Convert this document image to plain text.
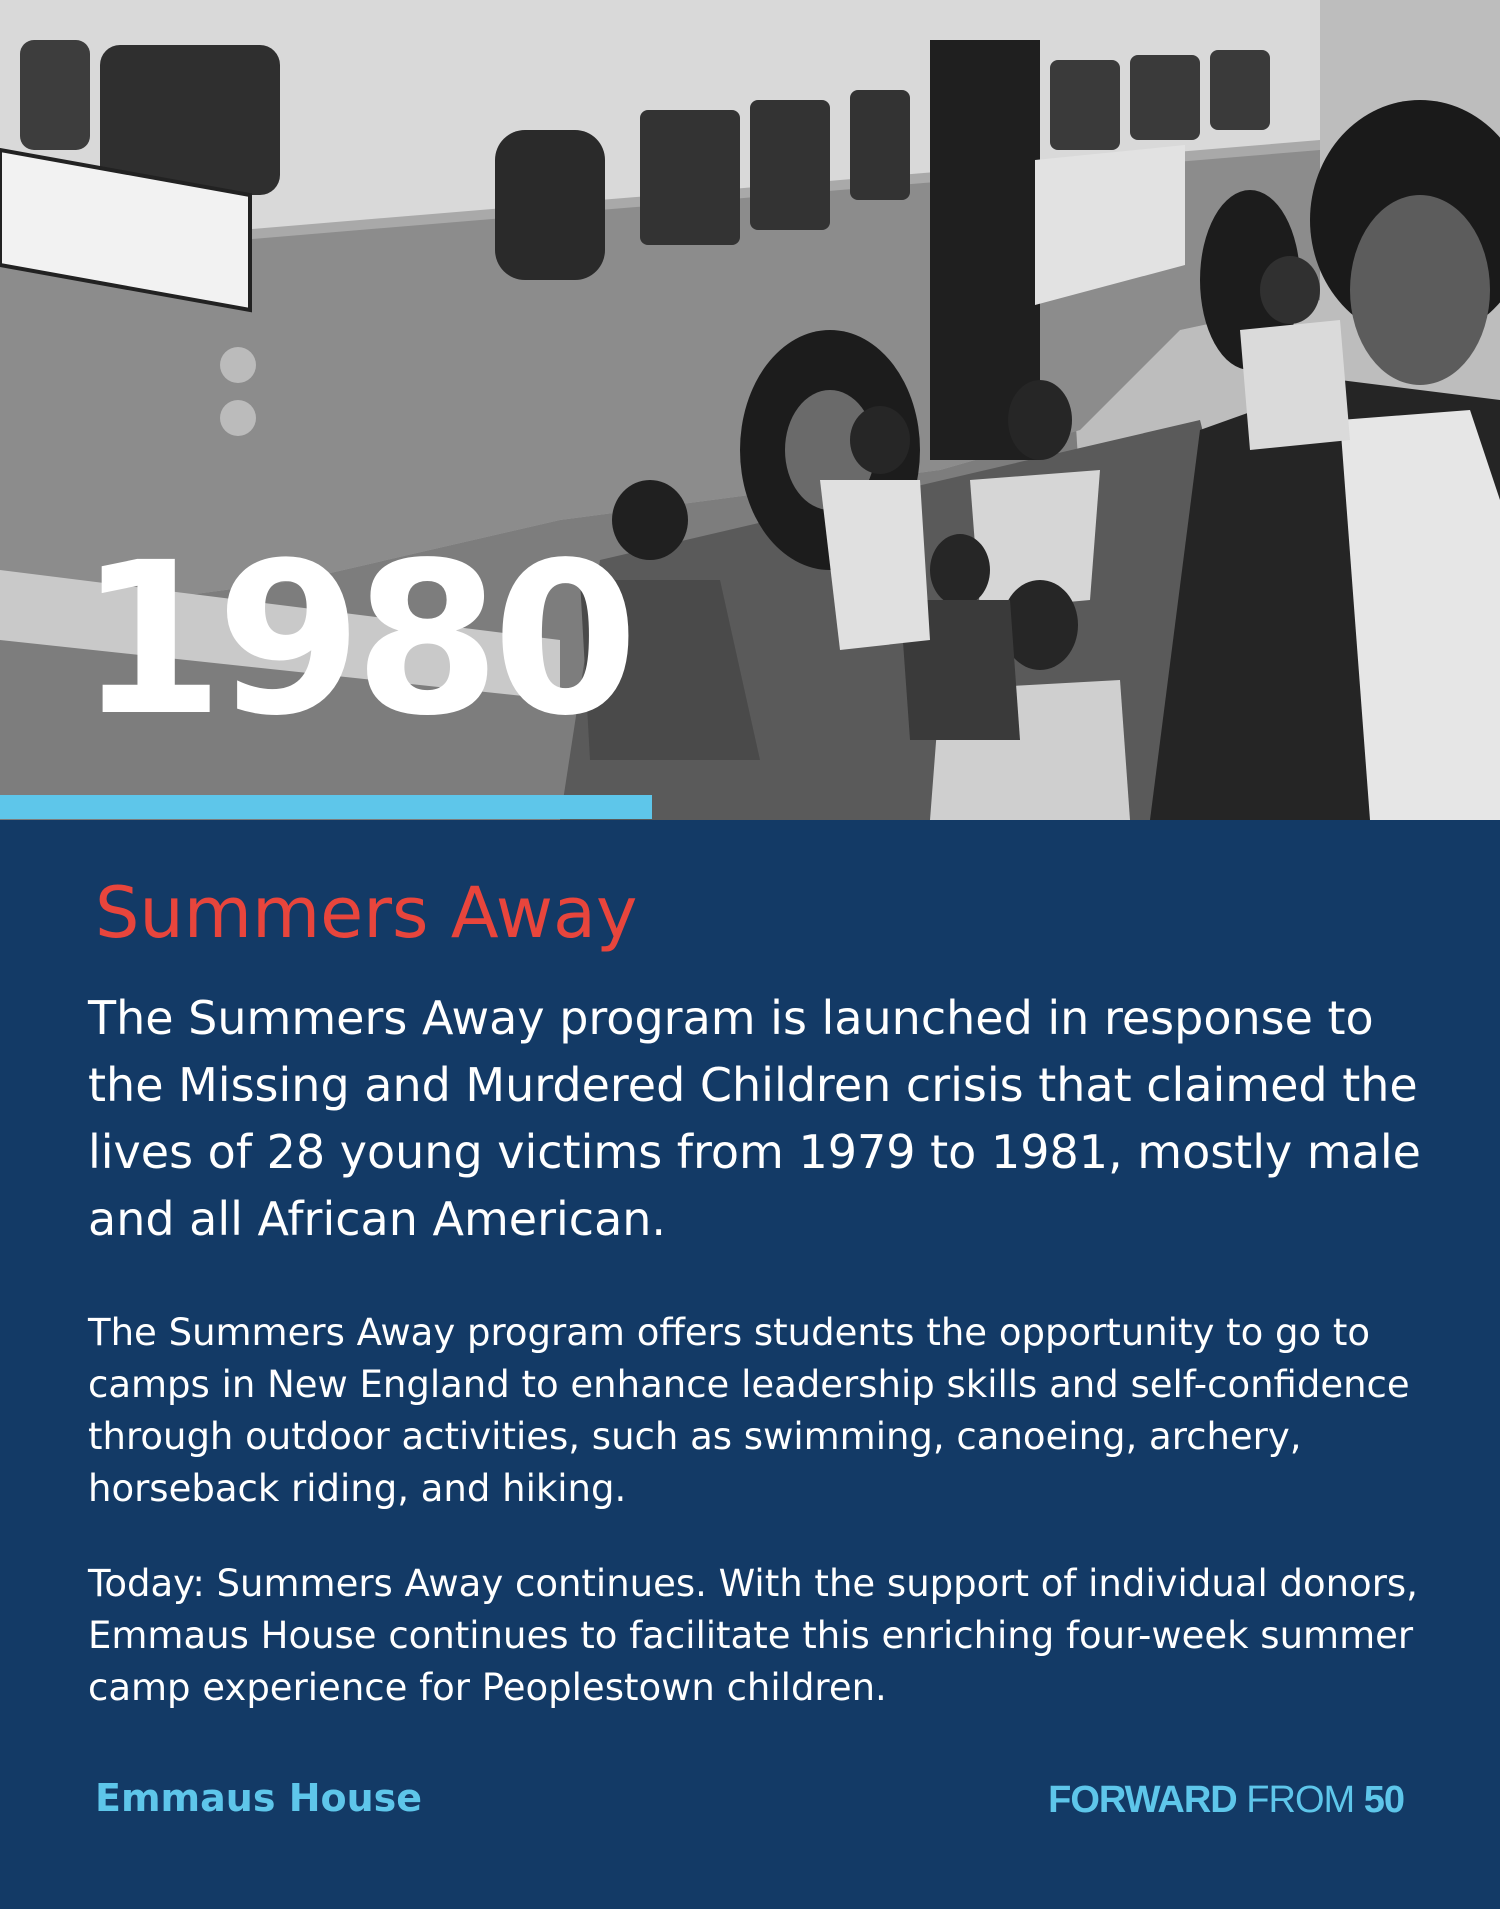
1980
Summers Away
The Summers Away program is launched in response to the Missing and Murdered Children crisis that claimed the lives of 28 young victims from 1979 to 1981, mostly male and all African American.
The Summers Away program offers students the opportunity to go to camps in New England to enhance leadership skills and self-confidence through outdoor activities, such as swimming, canoeing, archery, horseback riding, and hiking.
Today: Summers Away continues. With the support of individual donors, Emmaus House continues to facilitate this enriching four-week summer camp experience for Peoplestown children.
Emmaus House	FORWARD FROM 50
